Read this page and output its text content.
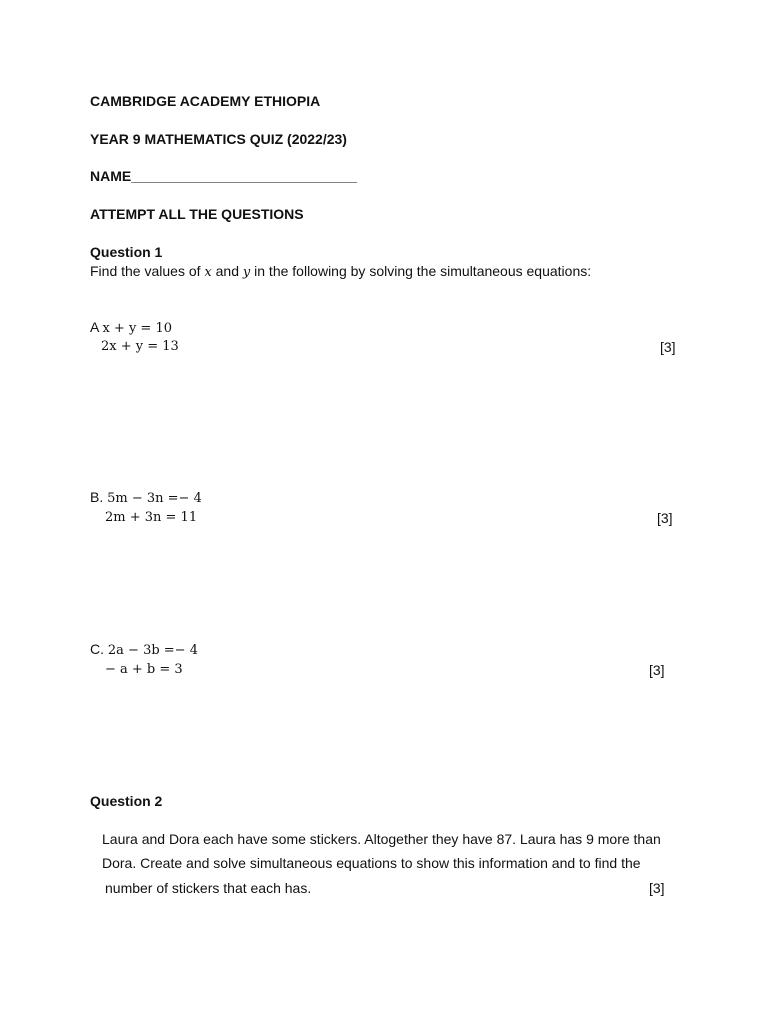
CAMBRIDGE ACADEMY ETHIOPIA
YEAR 9 MATHEMATICS QUIZ (2022/23)
NAME_____________________________
ATTEMPT ALL THE QUESTIONS
Question 1
Find the values of x and y in the following by solving the simultaneous equations:
A x + y = 10
2x + y = 13	[3]
B. 5m − 3n =− 4
2m + 3n = 11	[3]
C. 2a − 3b =− 4
− a + b = 3	[3]
Question 2
Laura and Dora each have some stickers. Altogether they have 87. Laura has 9 more than
Dora. Create and solve simultaneous equations to show this information and to find the
number of stickers that each has.	[3]
